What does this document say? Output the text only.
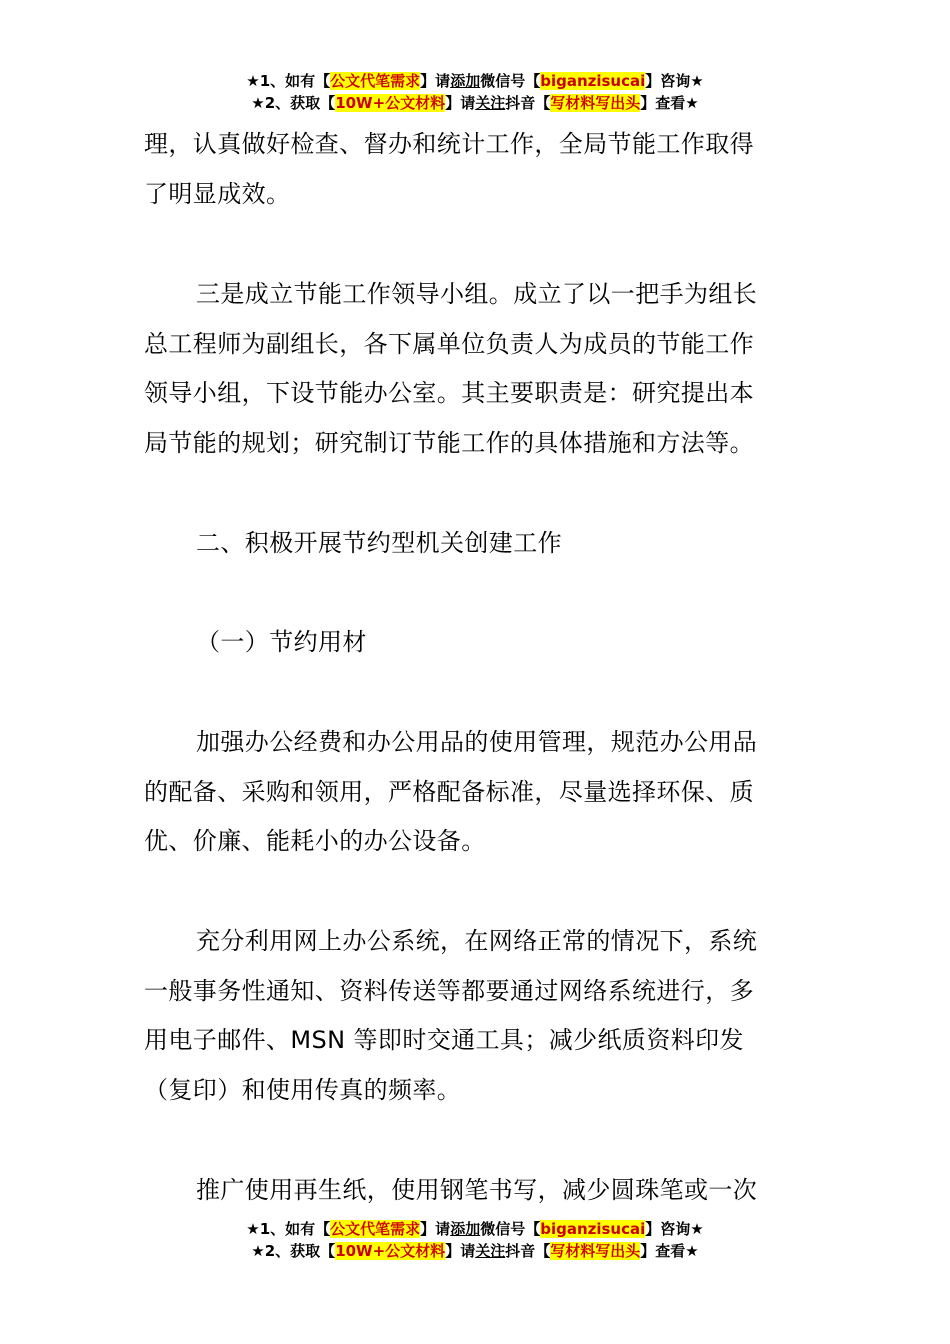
★1、如有【公文代笔需求】请添加微信号【biganzisucai】咨询★
★2、获取【10W+公文材料】请关注抖音【写材料写出头】查看★

理，认真做好检查、督办和统计工作，全局节能工作取得

了明显成效。

三是成立节能工作领导小组。成立了以一把手为组长

总工程师为副组长，各下属单位负责人为成员的节能工作

领导小组，下设节能办公室。其主要职责是：研究提出本

局节能的规划；研究制订节能工作的具体措施和方法等。

二、积极开展节约型机关创建工作

（一）节约用材

加强办公经费和办公用品的使用管理，规范办公用品

的配备、采购和领用，严格配备标准，尽量选择环保、质

优、价廉、能耗小的办公设备。

充分利用网上办公系统，在网络正常的情况下，系统

一般事务性通知、资料传送等都要通过网络系统进行，多

用电子邮件、MSN 等即时交通工具；减少纸质资料印发

（复印）和使用传真的频率。

推广使用再生纸，使用钢笔书写，减少圆珠笔或一次

★1、如有【公文代笔需求】请添加微信号【biganzisucai】咨询★
★2、获取【10W+公文材料】请关注抖音【写材料写出头】查看★
